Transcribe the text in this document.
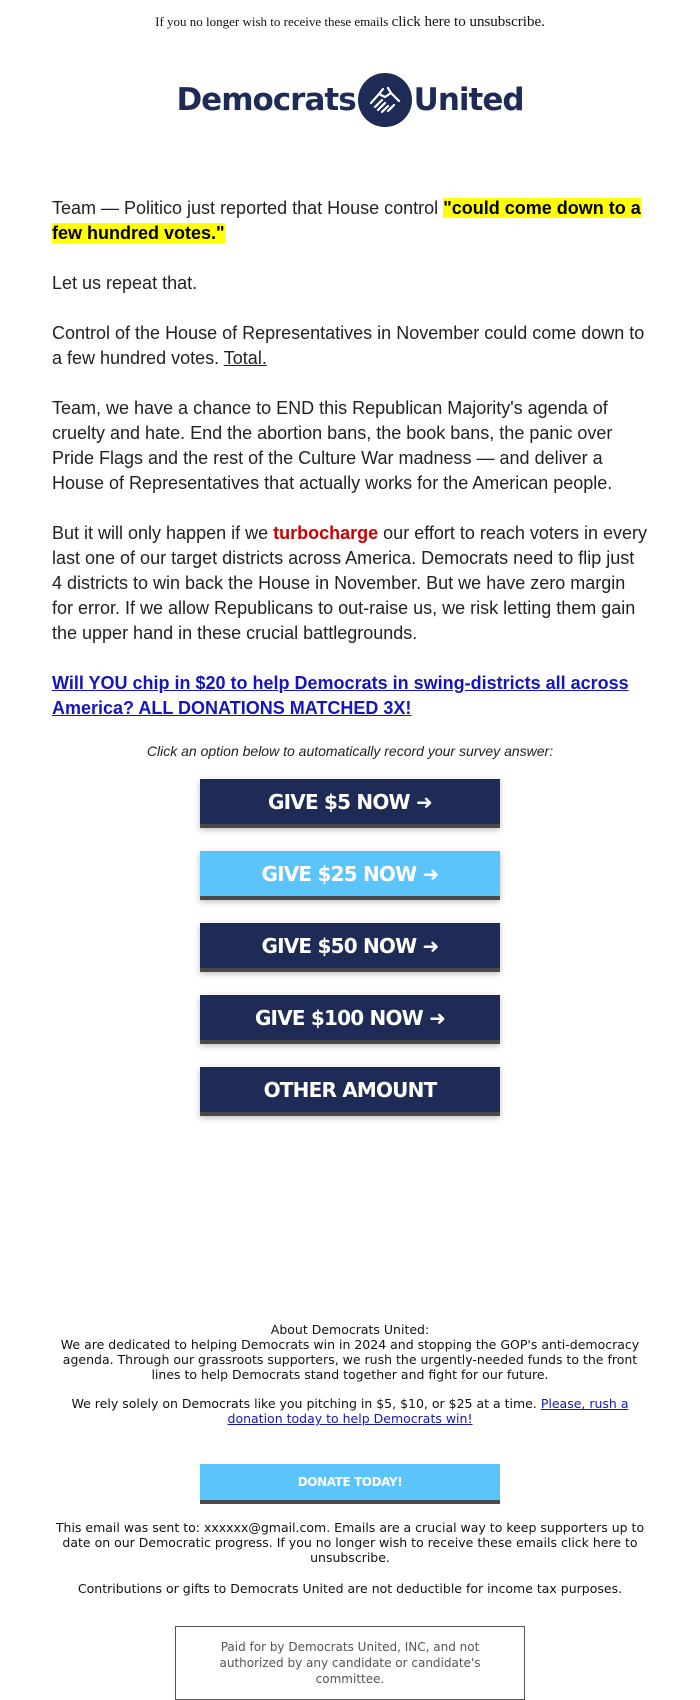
If you no longer wish to receive these emails click here to unsubscribe.
Democrats United

Team — Politico just reported that House control "could come down to a few hundred votes."

Let us repeat that.

Control of the House of Representatives in November could come down to a few hundred votes. Total.

Team, we have a chance to END this Republican Majority's agenda of cruelty and hate. End the abortion bans, the book bans, the panic over Pride Flags and the rest of the Culture War madness — and deliver a House of Representatives that actually works for the American people.

But it will only happen if we turbocharge our effort to reach voters in every last one of our target districts across America. Democrats need to flip just 4 districts to win back the House in November. But we have zero margin for error. If we allow Republicans to out-raise us, we risk letting them gain the upper hand in these crucial battlegrounds.

Will YOU chip in $20 to help Democrats in swing-districts all across America? ALL DONATIONS MATCHED 3X!

Click an option below to automatically record your survey answer:
GIVE $5 NOW ➜
GIVE $25 NOW ➜
GIVE $50 NOW ➜
GIVE $100 NOW ➜
OTHER AMOUNT

About Democrats United:

We are dedicated to helping Democrats win in 2024 and stopping the GOP's anti-democracy agenda. Through our grassroots supporters, we rush the urgently-needed funds to the front lines to help Democrats stand together and fight for our future.

We rely solely on Democrats like you pitching in $5, $10, or $25 at a time. Please, rush a donation today to help Democrats win!

DONATE TODAY!

This email was sent to: xxxxxx@gmail.com. Emails are a crucial way to keep supporters up to date on our Democratic progress. If you no longer wish to receive these emails click here to unsubscribe.

Contributions or gifts to Democrats United are not deductible for income tax purposes.

Paid for by Democrats United, INC, and not authorized by any candidate or candidate's committee.
